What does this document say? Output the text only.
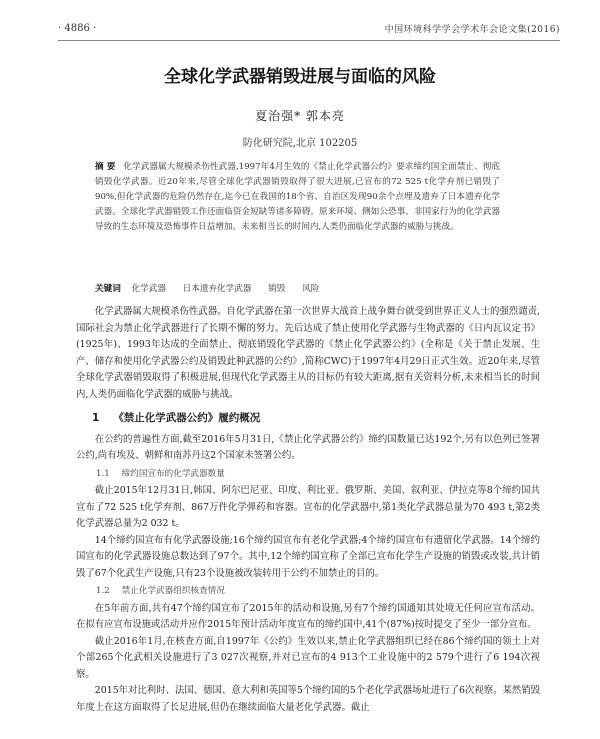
· 4886 ·	中国环境科学学会学术年会论文集(2016)
全球化学武器销毁进展与面临的风险
夏治强* 郭本亮
防化研究院,北京 102205
摘 要 化学武器属大规模杀伤性武器,1997年4月生效的《禁止化学武器公约》要求缔约国全面禁止、彻底销毁化学武器。近20年来,尽管全球化学武器销毁取得了很大进展,已宣布的72 525 t化学弃剂已销毁了90%,但化学武器的危险仍然存在,迄今已在我国的18个省、自治区发现90余个点埋及遗弃了日本遗弃化学武器。全球化学武器销毁工作还面临资金短缺等诸多障碍。原来环境、侧如公恐事、非国家行为的化学武器导致的生态环境及恐怖事件日益增加。未来相当长的时间内,人类仍面临化学武器的威胁与挑战。
关键词 化学武器 日本遗弃化学武器 销毁 风险

化学武器属大规模杀伤性武器。自化学武器在第一次世界大战首上战争舞台就受到世界正义人士的强烈谴责,国际社会为禁止化学武器进行了长期不懈的努力。先后达成了禁止使用化学武器与生物武器的《日内瓦议定书》(1925年)、1993年达成的全面禁止、彻底销毁化学武器的《禁止化学武器公约》(全称是《关于禁止发展、生产、储存和使用化学武器公约及销毁此种武器的公约》,简称CWC)于1997年4月29日正式生效。近20年来,尽管全球化学武器销毁取得了积极进展,但现代化学武器主从的目标仍有较大距离,据有关资料分析,未来相当长的时间内,人类仍面临化学武器的威胁与挑战。

1 《禁止化学武器公约》履约概况

在公约的普遍性方面,截至2016年5月31日,《禁止化学武器公约》缔约国数量已达192个,另有以色列已签署公约,尚有埃及、朝鲜和南苏丹这2个国家未签署公约。

1.1 缔约国宣布的化学武器数量

截止2015年12月31日,韩国、阿尔巴尼亚、印度、利比亚、俄罗斯、美国、叙利亚、伊拉克等8个缔约国共宣布了72 525 t化学弃剂、867万件化学弹药和容器。宣布的化学武器中,第1类化学武器总量为70 493 t,第2类化学武器总量为2 032 t。

14个缔约国宣布有化学武器设施;16个缔约国宣布有老化学武器;4个缔约国宣布有遗留化学武器。14个缔约国宣布的化学武器设施总数达到了97个。其中,12个缔约国宣称了全部已宣布化学生产设施的销毁或改装,共计销毁了67个化武生产设施,只有23个设施被改装转用于公约不加禁止的目的。

1.2 禁止化学武器组织核查情况

在5年前方面,共有47个缔约国宣布了2015年的活动和设施,另有7个缔约国通知其处境无任何应宣布活动。在拟有应宣布设施或活动并应作2015年预计活动年度宣布的缔约国中,41个(87%)按时提交了至少一部分宣布。

截止2016年1月,在核查方面,自1997年《公约》生效以来,禁止化学武器组织已经在86个缔约国的领土上对个部265个化武相关设施进行了3 027次视察,并对已宣布的4 913个工业设施中的2 579个进行了6 194次视察。

2015年对比利时、法国、德国、意大利和英国等5个缔约国的5个老化学武器场址进行了6次视察。某然销毁年度上在这方面取得了长足进展,但仍在继续面临大量老化学武器。截止
